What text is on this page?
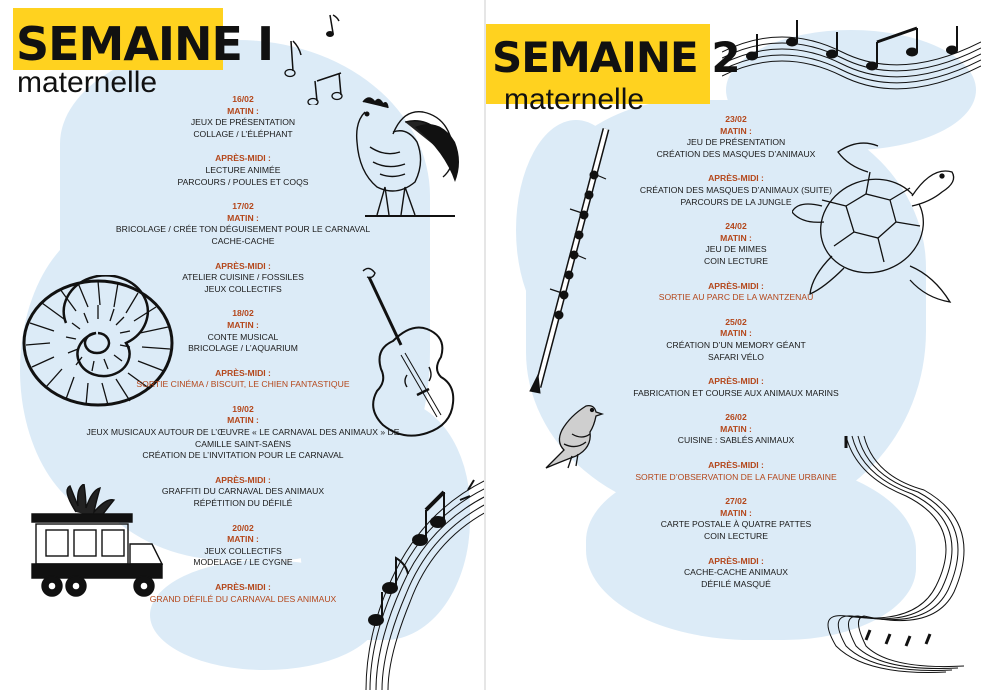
SEMAINE I
maternelle	16/02
MATIN :
JEUX DE PRÉSENTATION
COLLAGE / L’ÉLÉPHANT
APRÈS-MIDI :
LECTURE ANIMÉE
PARCOURS / POULES ET COQS
17/02
MATIN :
BRICOLAGE / CRÉE TON DÉGUISEMENT POUR LE CARNAVAL
CACHE-CACHE
APRÈS-MIDI :
ATELIER CUISINE / FOSSILES
JEUX COLLECTIFS
18/02
MATIN :
CONTE MUSICAL
BRICOLAGE / L’AQUARIUM
APRÈS-MIDI :
SORTIE CINÉMA / BISCUIT, LE CHIEN FANTASTIQUE
19/02
MATIN :
JEUX MUSICAUX AUTOUR DE L’ŒUVRE « LE CARNAVAL DES ANIMAUX » DE
CAMILLE SAINT-SAËNS
CRÉATION DE L’INVITATION POUR LE CARNAVAL
APRÈS-MIDI :
GRAFFITI DU CARNAVAL DES ANIMAUX
RÉPÉTITION DU DÉFILÉ
20/02
MATIN :
JEUX COLLECTIFS
MODELAGE / LE CYGNE
APRÈS-MIDI :
GRAND DÉFILÉ DU CARNAVAL DES ANIMAUX
SEMAINE 2
maternelle
23/02
MATIN :
JEU DE PRÉSENTATION
CRÉATION DES MASQUES D’ANIMAUX
APRÈS-MIDI :
CRÉATION DES MASQUES D’ANIMAUX (SUITE)
PARCOURS DE LA JUNGLE
24/02
MATIN :
JEU DE MIMES
COIN LECTURE
APRÈS-MIDI :
SORTIE AU PARC DE LA WANTZENAU
25/02
MATIN :
CRÉATION D’UN MEMORY GÉANT
SAFARI VÉLO
APRÈS-MIDI :
FABRICATION ET COURSE AUX ANIMAUX MARINS
26/02
MATIN :
CUISINE : SABLÉS ANIMAUX
APRÈS-MIDI :
SORTIE D’OBSERVATION DE LA FAUNE URBAINE
27/02
MATIN :
CARTE POSTALE À QUATRE PATTES
COIN LECTURE
APRÈS-MIDI :
CACHE-CACHE ANIMAUX
DÉFILÉ MASQUÉ
